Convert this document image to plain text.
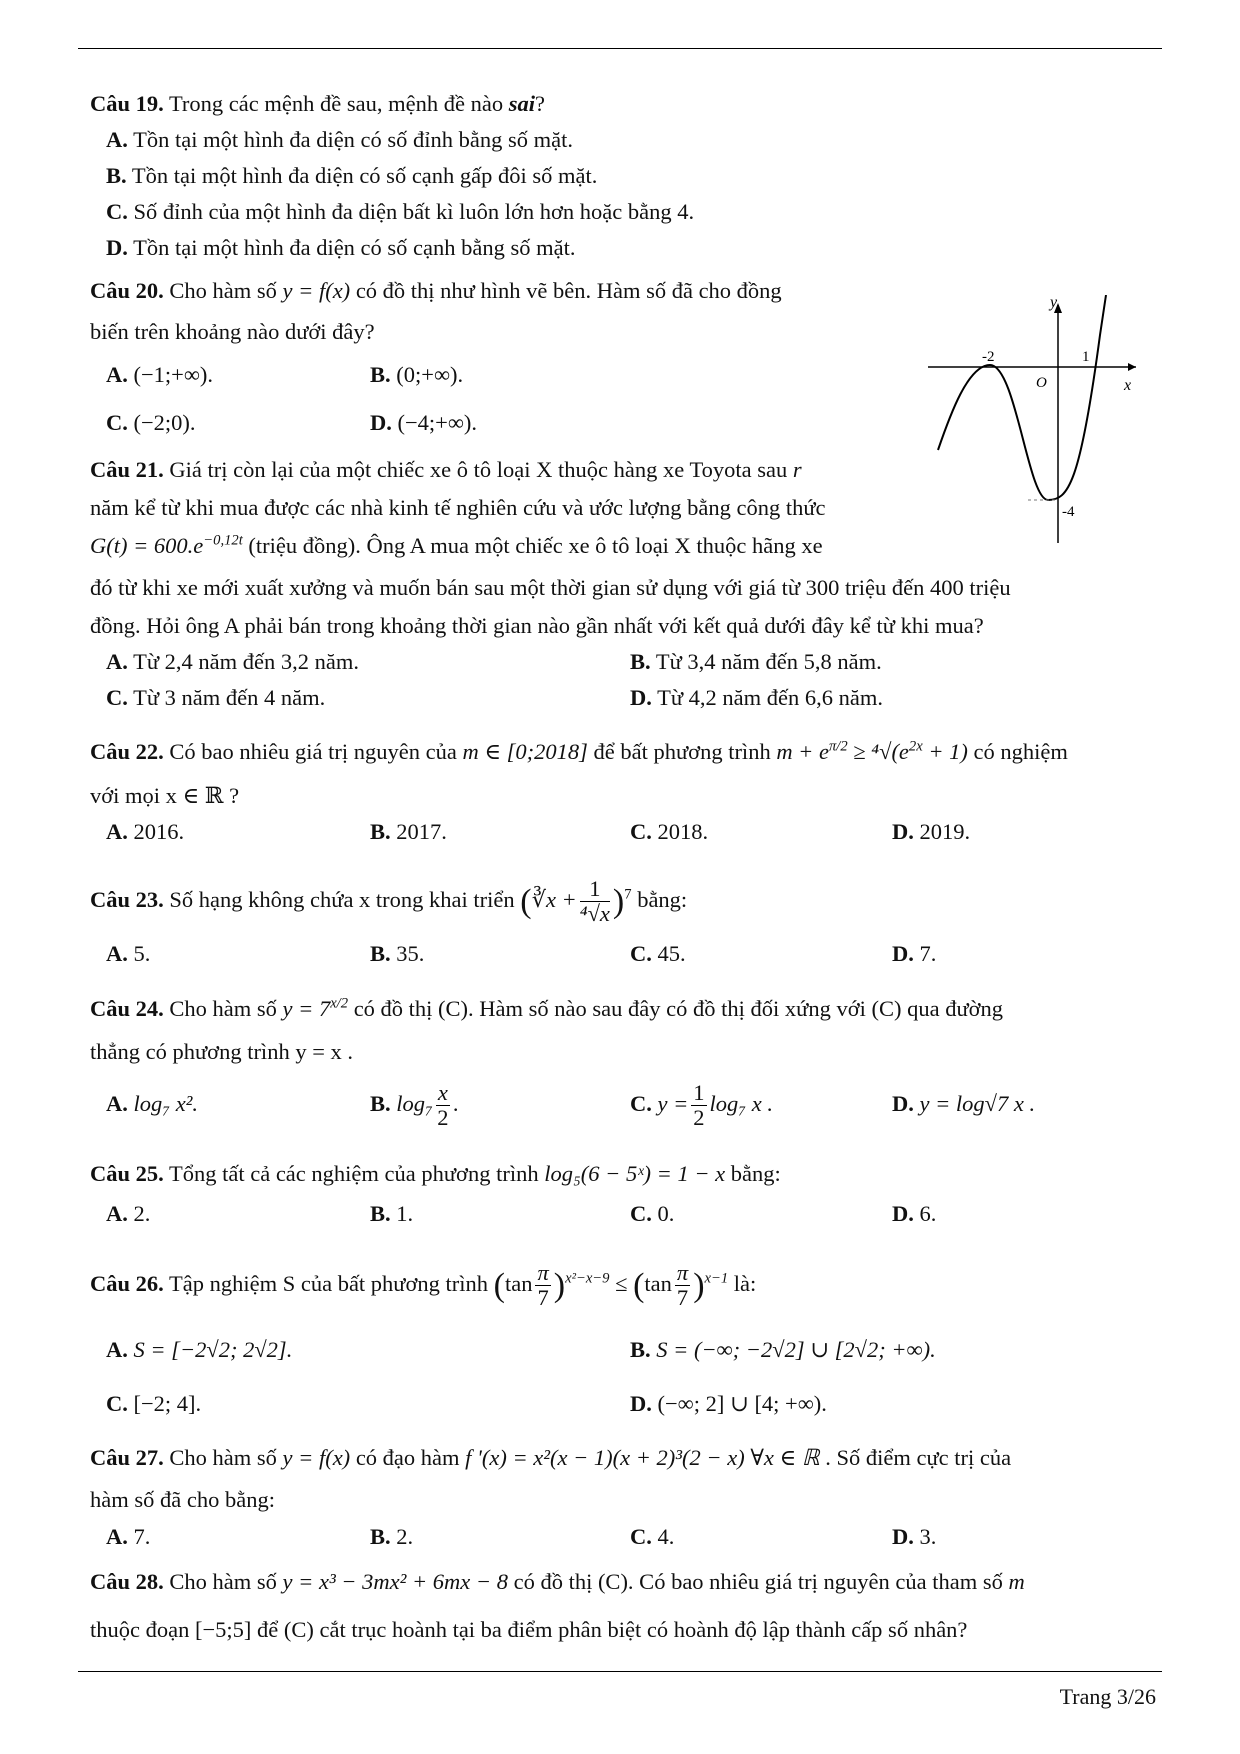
Câu 19. Trong các mệnh đề sau, mệnh đề nào sai?
A. Tồn tại một hình đa diện có số đỉnh bằng số mặt.
B. Tồn tại một hình đa diện có số cạnh gấp đôi số mặt.
C. Số đỉnh của một hình đa diện bất kì luôn lớn hơn hoặc bằng 4.
D. Tồn tại một hình đa diện có số cạnh bằng số mặt.
Câu 20. Cho hàm số y = f(x) có đồ thị như hình vẽ bên. Hàm số đã cho đồng
biến trên khoảng nào dưới đây?
A. (−1;+∞).	B. (0;+∞).
C. (−2;0).	D. (−4;+∞).
y
x
-2
O
1
-4
Câu 21. Giá trị còn lại của một chiếc xe ô tô loại X thuộc hàng xe Toyota sau r
năm kể từ khi mua được các nhà kinh tế nghiên cứu và ước lượng bằng công thức
$G(t) = 600.e^{-0,12t}$ (triệu đồng). Ông A mua một chiếc xe ô tô loại X thuộc hãng xe
đó từ khi xe mới xuất xưởng và muốn bán sau một thời gian sử dụng với giá từ 300 triệu đến 400 triệu
đồng. Hỏi ông A phải bán trong khoảng thời gian nào gần nhất với kết quả dưới đây kể từ khi mua?
A. Từ 2,4 năm đến 3,2 năm.	B. Từ 3,4 năm đến 5,8 năm.
C. Từ 3 năm đến 4 năm.	D. Từ 4,2 năm đến 6,6 năm.
Câu 22. Có bao nhiêu giá trị nguyên của m ∈ [0;2018] để bất phương trình $m + e^{\pi/2} \ge ^4√(e^{2x} + 1)$ có nghiệm
với mọi x ∈ ℝ ?
A. 2016.	B. 2017.	C. 2018.	D. 2019.
Câu 23. Số hạng không chứa x trong khai triển (∛x + $\frac{1}{\text{⁴√x}} )^7$ bằng:
A. 5.	B. 35.	C. 45.	D. 7.
Câu 24. Cho hàm số $y = 7^{x/2}$ có đồ thị (C). Hàm số nào sau đây có đồ thị đối xứng với (C) qua đường
thẳng có phương trình y = x .
A. log₇ x².	B. $\log_7 \frac{x}{2}$ .	C. $y = \frac{1}{2} \log_7$ x .	D. y = log√7 x .
Câu 25. Tổng tất cả các nghiệm của phương trình log₅(6 − 5ˣ) = 1 − x bằng:
A. 2.	B. 1.	C. 0.	D. 6.
Câu 26. Tập nghiệm S của bất phương trình $(\tan \frac{\pi}{7} )^{x^2-x-9} \le (\tan \frac{\pi}{7} )^{x-1}$ là:
A. S = [−2√2; 2√2].	B. S = (−∞; −2√2] ∪ [2√2; +∞).
C. [−2; 4].	D. (−∞; 2] ∪ [4; +∞).
Câu 27. Cho hàm số y = f(x) có đạo hàm f '(x) = x²(x − 1)(x + 2)³(2 − x) ∀x ∈ ℝ . Số điểm cực trị của
hàm số đã cho bằng:
A. 7.	B. 2.	C. 4.	D. 3.
Câu 28. Cho hàm số y = x³ − 3mx² + 6mx − 8 có đồ thị (C). Có bao nhiêu giá trị nguyên của tham số m
thuộc đoạn [−5;5] để (C) cắt trục hoành tại ba điểm phân biệt có hoành độ lập thành cấp số nhân?
Trang 3/26
